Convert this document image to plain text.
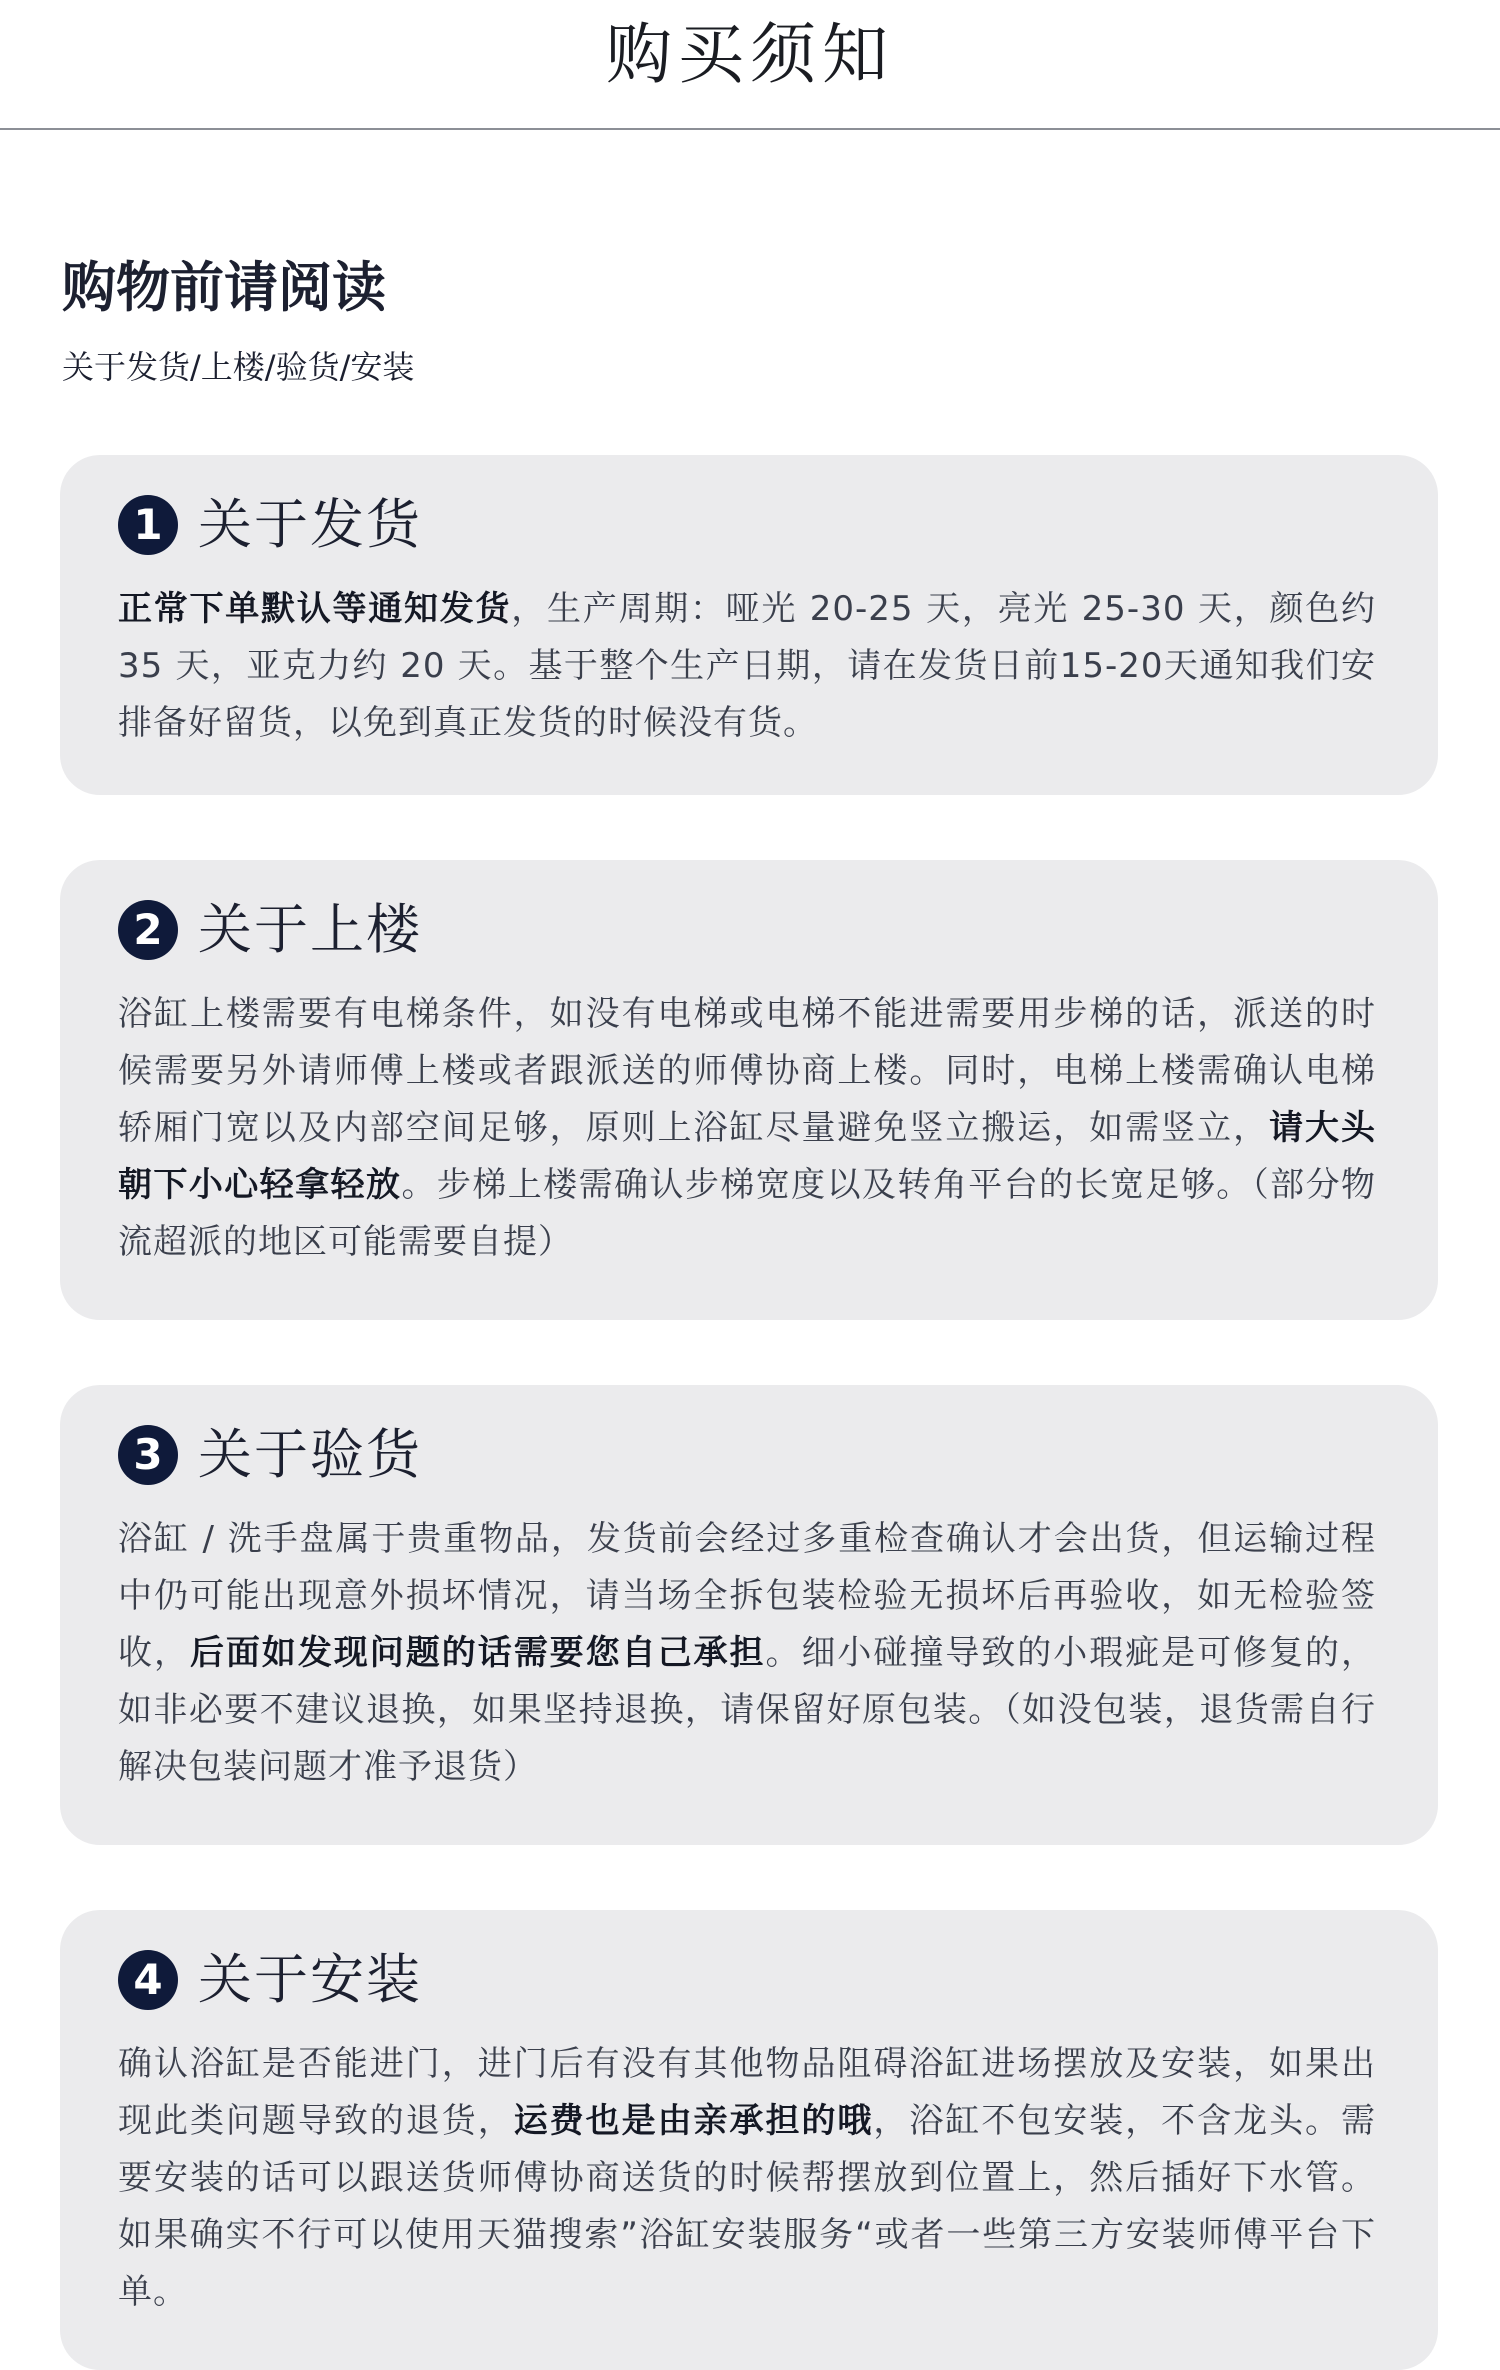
购买须知
购物前请阅读

关于发货/上楼/验货/安装

1 关于发货

正常下单默认等通知发货，生产周期：哑光 20-25 天，亮光 25-30 天，颜色约 35 天，亚克力约 20 天。基于整个生产日期，请在发货日前15-20天通知我们安排备好留货，以免到真正发货的时候没有货。

2 关于上楼

浴缸上楼需要有电梯条件，如没有电梯或电梯不能进需要用步梯的话，派送的时候需要另外请师傅上楼或者跟派送的师傅协商上楼。同时，电梯上楼需确认电梯轿厢门宽以及内部空间足够，原则上浴缸尽量避免竖立搬运，如需竖立，请大头朝下小心轻拿轻放。步梯上楼需确认步梯宽度以及转角平台的长宽足够。（部分物流超派的地区可能需要自提）

3 关于验货

浴缸 / 洗手盘属于贵重物品，发货前会经过多重检查确认才会出货，但运输过程中仍可能出现意外损坏情况，请当场全拆包装检验无损坏后再验收，如无检验签收，后面如发现问题的话需要您自己承担。细小碰撞导致的小瑕疵是可修复的，如非必要不建议退换，如果坚持退换，请保留好原包装。（如没包装，退货需自行解决包装问题才准予退货）

4 关于安装

确认浴缸是否能进门，进门后有没有其他物品阻碍浴缸进场摆放及安装，如果出现此类问题导致的退货，运费也是由亲承担的哦，浴缸不包安装，不含龙头。需要安装的话可以跟送货师傅协商送货的时候帮摆放到位置上，然后插好下水管。如果确实不行可以使用天猫搜索”浴缸安装服务“或者一些第三方安装师傅平台下单。
